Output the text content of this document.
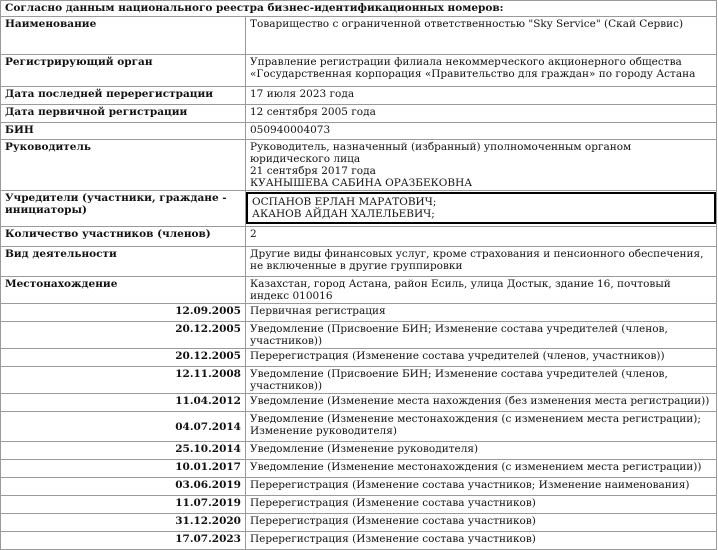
Согласно данным национального реестра бизнес-идентификационных номеров:	
Наименование	Товарищество с ограниченной ответственностью "Sky Service" (Скай Сервис)
Регистрирующий орган	Управление регистрации филиала некоммерческого акционерного общества «Государственная корпорация «Правительство для граждан» по городу Астана
Дата последней перерегистрации	17 июля 2023 года
Дата первичной регистрации	12 сентября 2005 года
БИН	050940004073
Руководитель	Руководитель, назначенный (избранный) уполномоченным органом юридического лица
21 сентября 2017 года
КУАНЫШЕВА САБИНА ОРАЗБЕКОВНА

Учредители (участники, граждане - инициаторы)	ОСПАНОВ ЕРЛАН МАРАТОВИЧ;
АКАНОВ АЙДАН ХАЛЕЛЬЕВИЧ;

Количество участников (членов)	2
Вид деятельности	Другие виды финансовых услуг, кроме страхования и пенсионного обеспечения, не включенные в другие группировки
Местонахождение	Казахстан, город Астана, район Есиль, улица Достык, здание 16, почтовый индекс 010016
12.09.2005	Первичная регистрация
20.12.2005	Уведомление (Присвоение БИН; Изменение состава учредителей (членов, участников))
20.12.2005	Перерегистрация (Изменение состава учредителей (членов, участников))
12.11.2008	Уведомление (Присвоение БИН; Изменение состава учредителей (членов, участников))
11.04.2012	Уведомление (Изменение места нахождения (без изменения места регистрации))
04.07.2014	Уведомление (Изменение местонахождения (с изменением места регистрации); Изменение руководителя)
25.10.2014	Уведомление (Изменение руководителя)
10.01.2017	Уведомление (Изменение местонахождения (с изменением места регистрации))
03.06.2019	Перерегистрация (Изменение состава участников; Изменение наименования)
11.07.2019	Перерегистрация (Изменение состава участников)
31.12.2020	Перерегистрация (Изменение состава участников)
17.07.2023	Перерегистрация (Изменение состава участников)
